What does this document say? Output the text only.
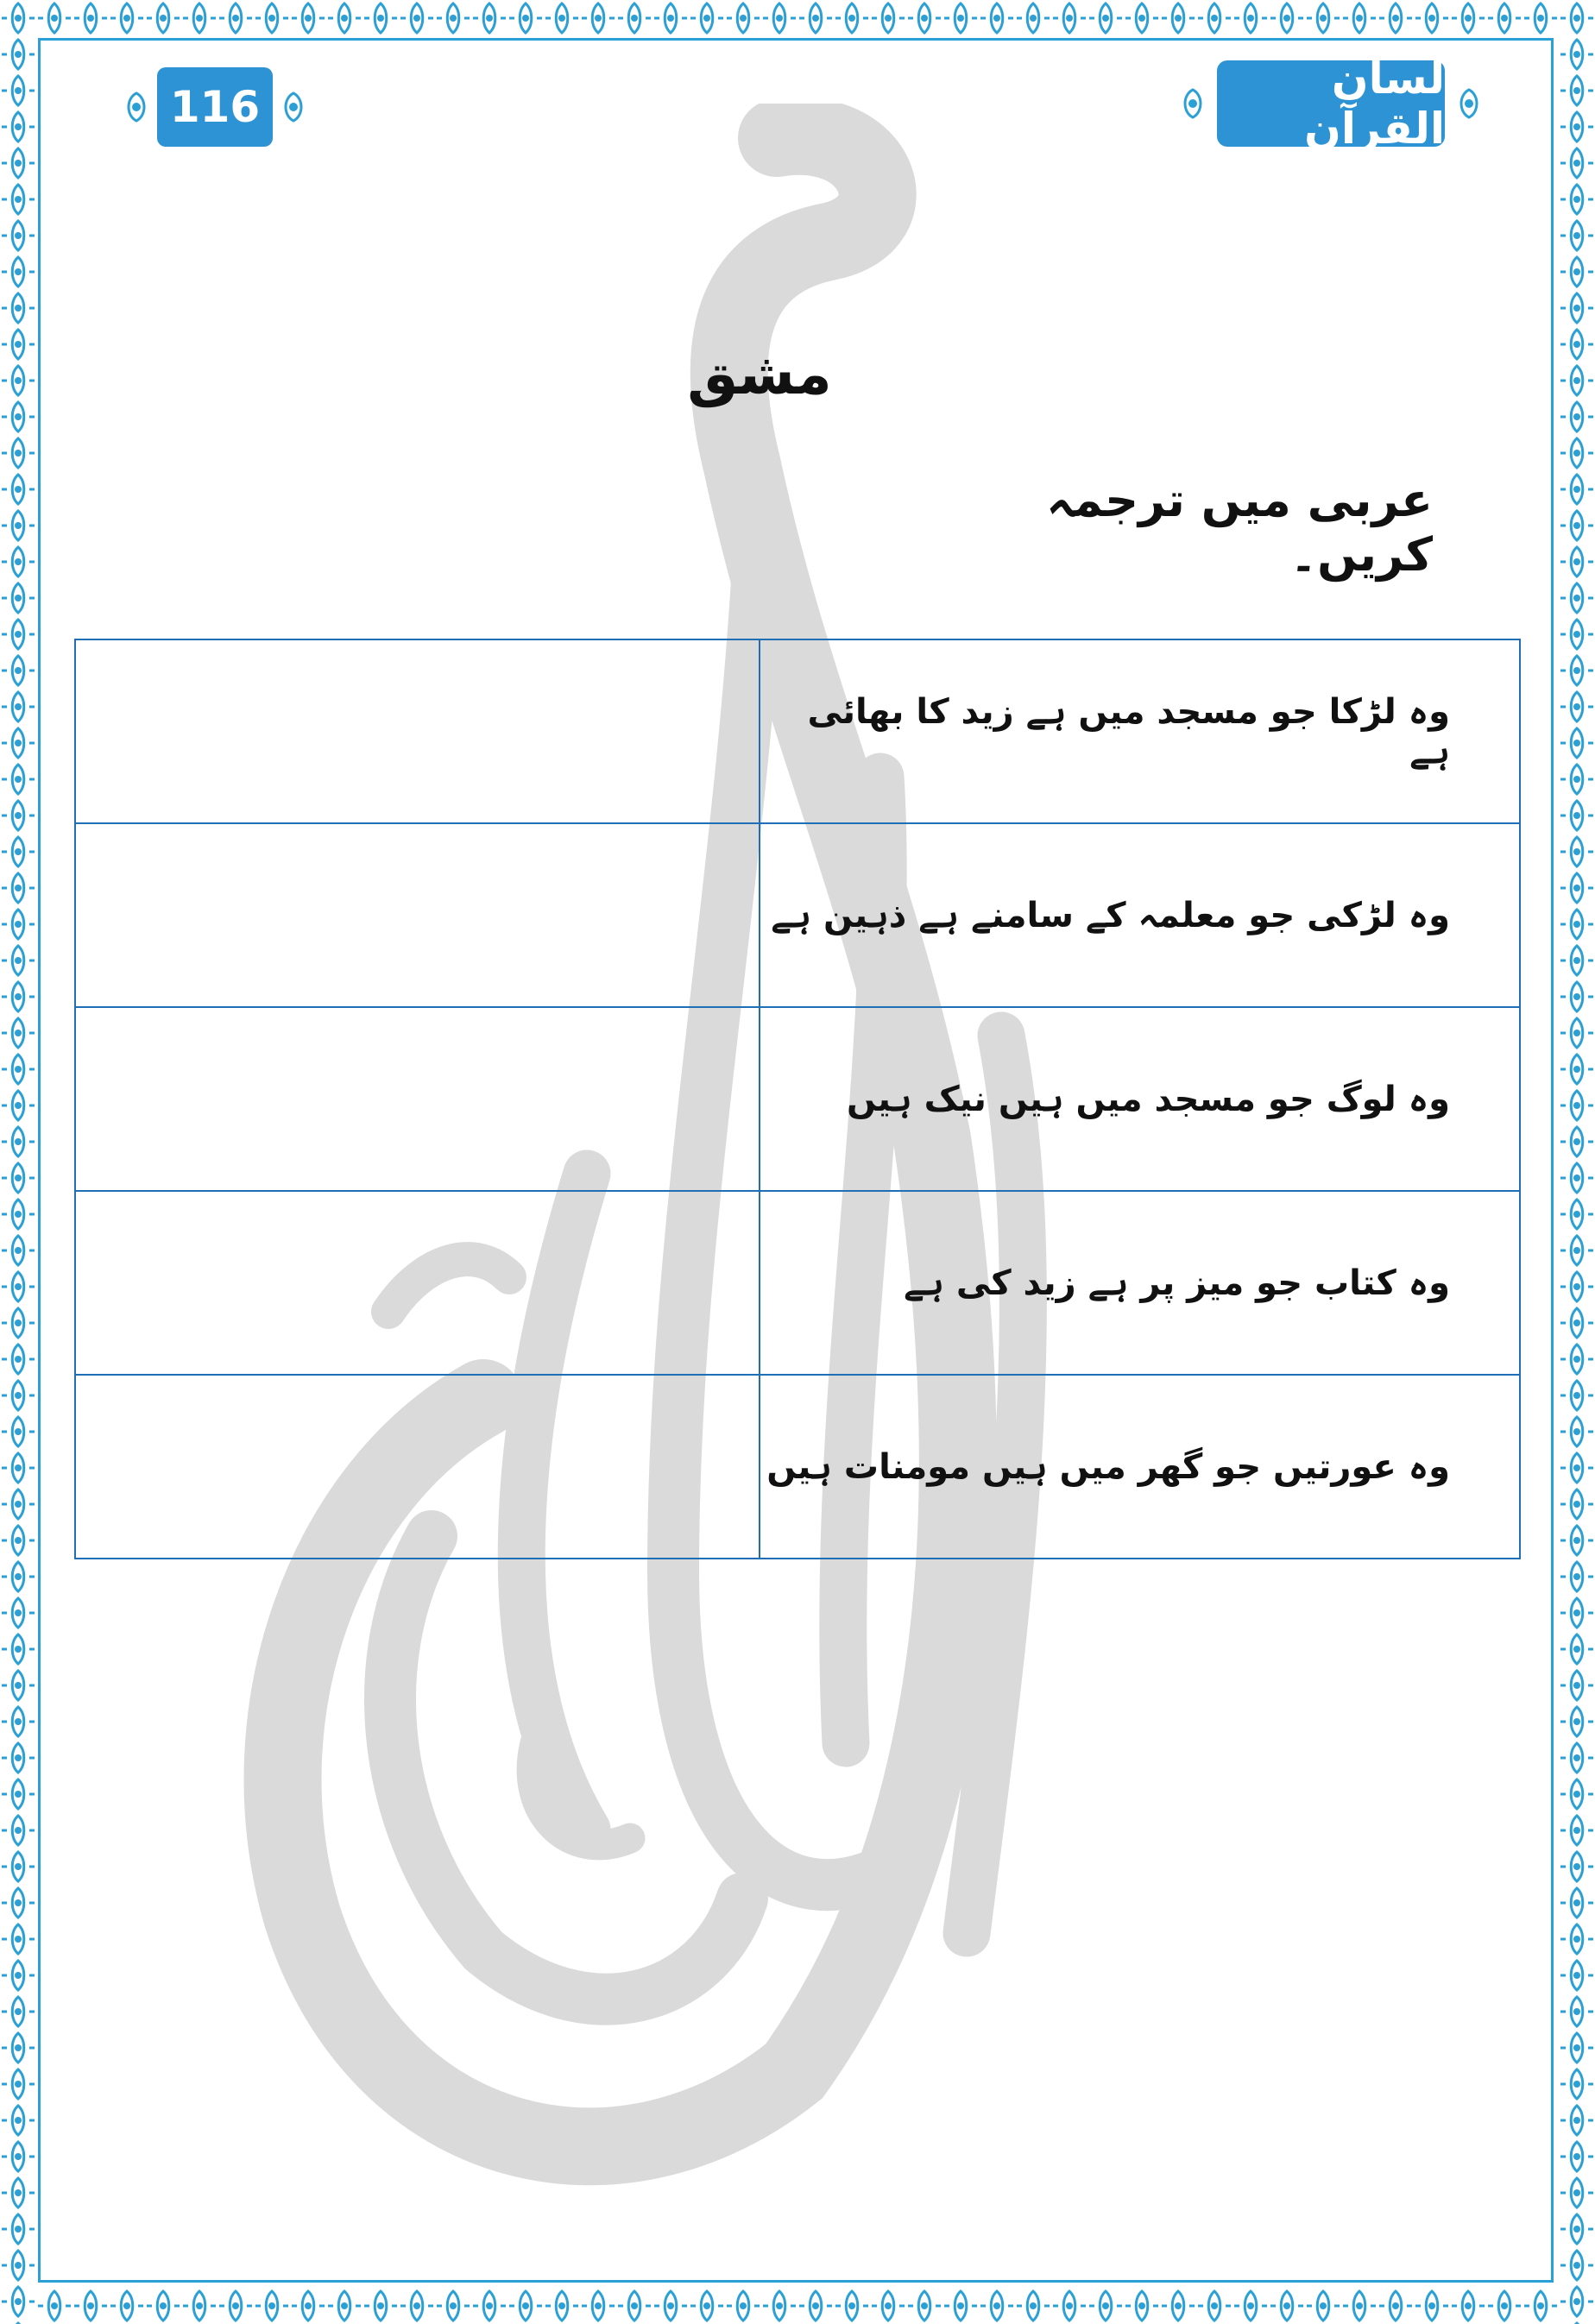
116
لسان القرآن
مشق
عربی میں ترجمہ کریں۔
وہ لڑکا جو مسجد میں ہے زید کا بھائی ہے	
وہ لڑکی جو معلمہ کے سامنے ہے ذہین ہے	
وہ لوگ جو مسجد میں ہیں نیک ہیں	
وہ کتاب جو میز پر ہے زید کی ہے	
وہ عورتیں جو گھر میں ہیں مومنات ہیں	
